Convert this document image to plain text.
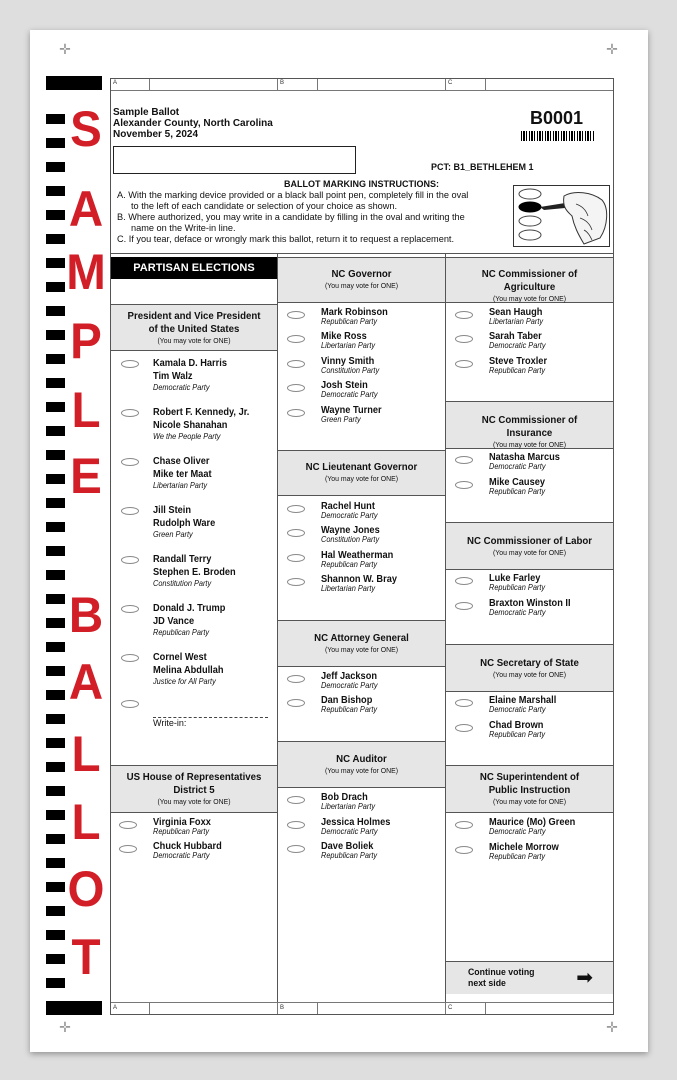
✛	✛
✛	✛
S
A
M
P
L
E
B
A
L
L
O
T
A	B	C
Sample Ballot
Alexander County, North Carolina
November 5, 2024
B0001
PCT: B1_BETHLEHEM 1
BALLOT MARKING INSTRUCTIONS:

A. With the marking device provided or a black ball point pen, completely fill in the oval

to the left of each candidate or selection of your choice as shown.

B. Where authorized, you may write in a candidate by filling in the oval and writing the

name on the Write-in line.

C. If you tear, deface or wrongly mark this ballot, return it to request a replacement.

PARTISAN ELECTIONS
President and Vice President
of the United States
(You may vote for ONE)
US House of Representatives
District 5
(You may vote for ONE)
NC Governor
(You may vote for ONE)
NC Lieutenant Governor
(You may vote for ONE)
NC Attorney General
(You may vote for ONE)
NC Auditor
(You may vote for ONE)
NC Commissioner of Agriculture
(You may vote for ONE)
NC Commissioner of Insurance
(You may vote for ONE)
NC Commissioner of Labor
(You may vote for ONE)
NC Secretary of State
(You may vote for ONE)
NC Superintendent of
Public Instruction
(You may vote for ONE)
Kamala D. Harris
Tim Walz
Democratic Party
Robert F. Kennedy, Jr.
Nicole Shanahan
We the People Party
Chase Oliver
Mike ter Maat
Libertarian Party
Jill Stein
Rudolph Ware
Green Party
Randall Terry
Stephen E. Broden
Constitution Party
Donald J. Trump
JD Vance
Republican Party
Cornel West
Melina Abdullah
Justice for All Party
Write-in:
Virginia Foxx
Republican Party
Chuck Hubbard
Democratic Party
Mark Robinson
Republican Party
Mike Ross
Libertarian Party
Vinny Smith
Constitution Party
Josh Stein
Democratic Party
Wayne Turner
Green Party
Rachel Hunt
Democratic Party
Wayne Jones
Constitution Party
Hal Weatherman
Republican Party
Shannon W. Bray
Libertarian Party
Jeff Jackson
Democratic Party
Dan Bishop
Republican Party
Bob Drach
Libertarian Party
Jessica Holmes
Democratic Party
Dave Boliek
Republican Party
Sean Haugh
Libertarian Party
Sarah Taber
Democratic Party
Steve Troxler
Republican Party
Natasha Marcus
Democratic Party
Mike Causey
Republican Party
Luke Farley
Republican Party
Braxton Winston II
Democratic Party
Elaine Marshall
Democratic Party
Chad Brown
Republican Party
Maurice (Mo) Green
Democratic Party
Michele Morrow
Republican Party
Continue voting
next side	➡
A	B	C
